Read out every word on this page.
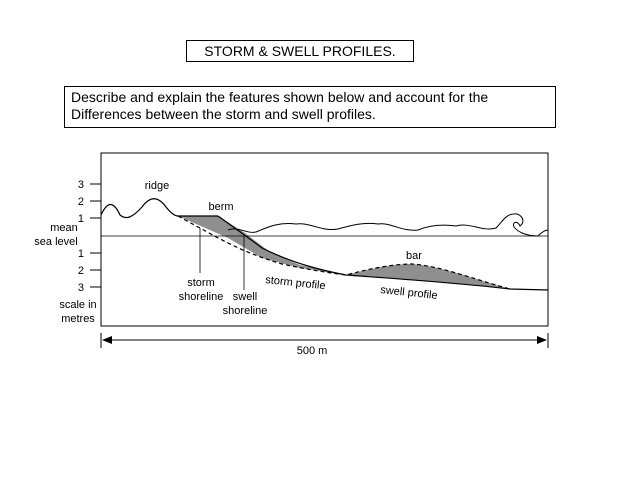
STORM & SWELL PROFILES.
Describe and explain the features shown below and account for the
Differences between the storm and swell profiles.
3
2
1
1
2
3
mean
sea level
scale in
metres
ridge
berm
bar
storm profile
swell profile
storm
shoreline swell
shoreline
500 m
